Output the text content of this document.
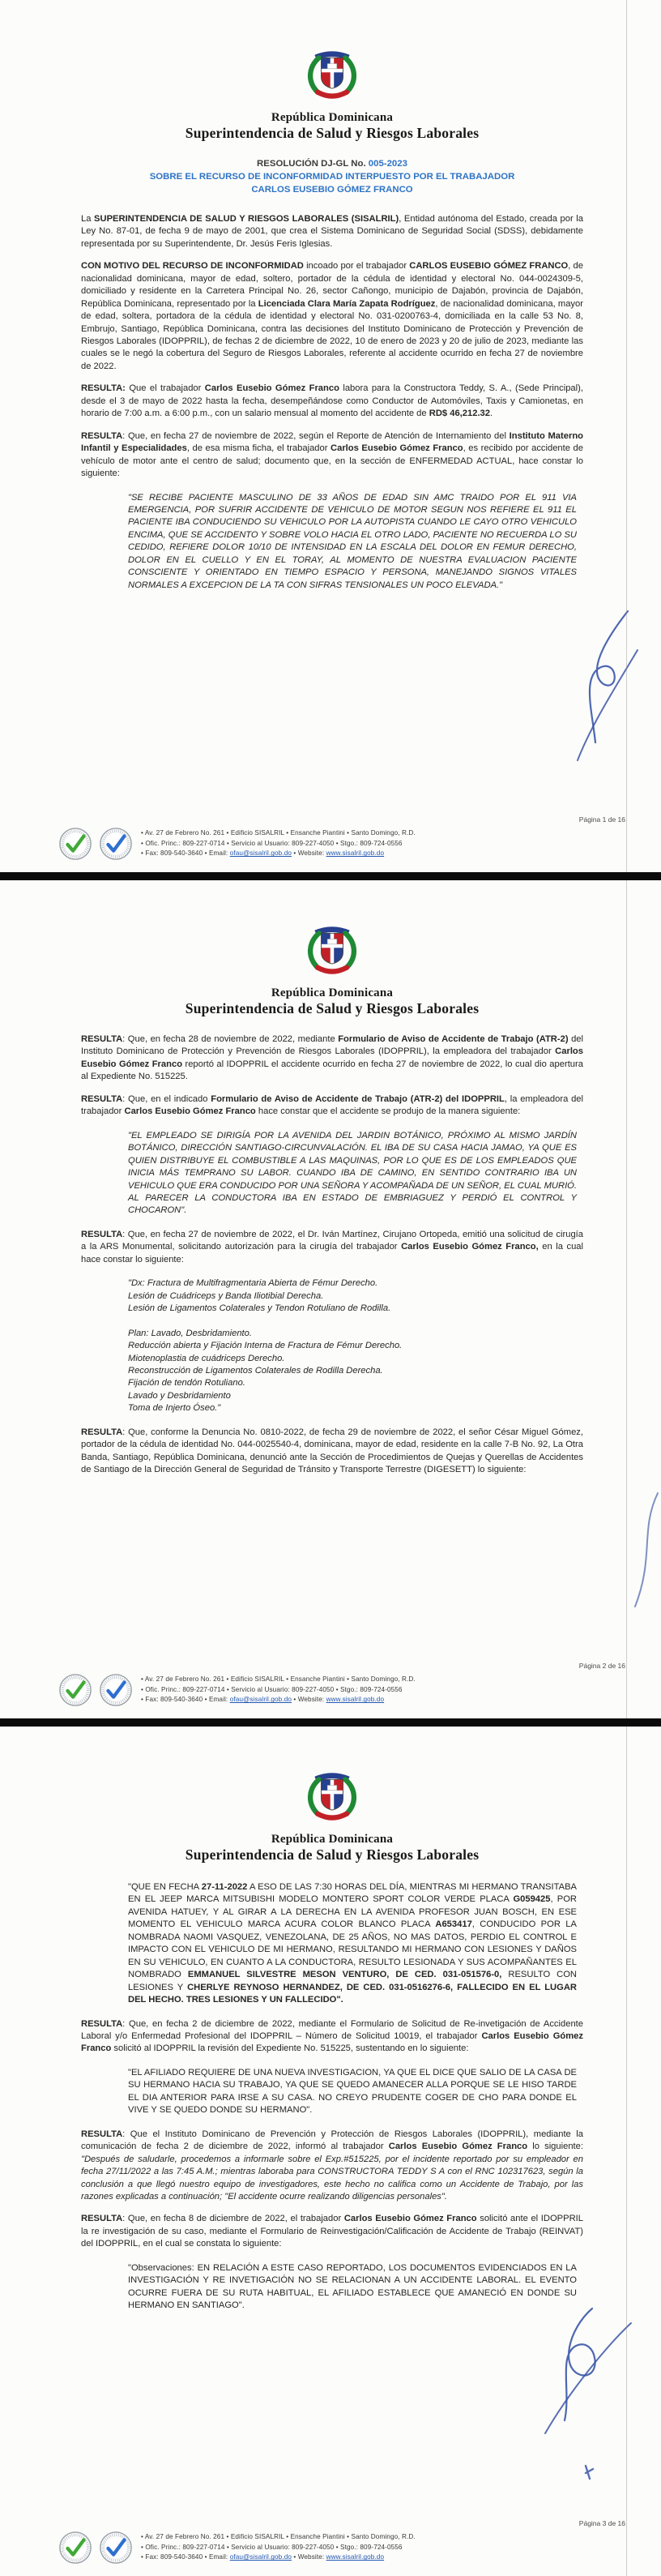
República Dominicana
Superintendencia de Salud y Riesgos Laborales
RESOLUCIÓN DJ-GL No. 005-2023
SOBRE EL RECURSO DE INCONFORMIDAD INTERPUESTO POR EL TRABAJADOR
CARLOS EUSEBIO GÓMEZ FRANCO
La SUPERINTENDENCIA DE SALUD Y RIESGOS LABORALES (SISALRIL), Entidad autónoma del Estado, creada por la Ley No. 87-01, de fecha 9 de mayo de 2001, que crea el Sistema Dominicano de Seguridad Social (SDSS), debidamente representada por su Superintendente, Dr. Jesús Feris Iglesias.
CON MOTIVO DEL RECURSO DE INCONFORMIDAD incoado por el trabajador CARLOS EUSEBIO GÓMEZ FRANCO, de nacionalidad dominicana, mayor de edad, soltero, portador de la cédula de identidad y electoral No. 044-0024309-5, domiciliado y residente en la Carretera Principal No. 26, sector Cañongo, municipio de Dajabón, provincia de Dajabón, República Dominicana, representado por la Licenciada Clara María Zapata Rodríguez, de nacionalidad dominicana, mayor de edad, soltera, portadora de la cédula de identidad y electoral No. 031-0200763-4, domiciliada en la calle 53 No. 8, Embrujo, Santiago, República Dominicana, contra las decisiones del Instituto Dominicano de Protección y Prevención de Riesgos Laborales (IDOPPRIL), de fechas 2 de diciembre de 2022, 10 de enero de 2023 y 20 de julio de 2023, mediante las cuales se le negó la cobertura del Seguro de Riesgos Laborales, referente al accidente ocurrido en fecha 27 de noviembre de 2022.
RESULTA: Que el trabajador Carlos Eusebio Gómez Franco labora para la Constructora Teddy, S. A., (Sede Principal), desde el 3 de mayo de 2022 hasta la fecha, desempeñándose como Conductor de Automóviles, Taxis y Camionetas, en horario de 7:00 a.m. a 6:00 p.m., con un salario mensual al momento del accidente de RD$ 46,212.32.
RESULTA: Que, en fecha 27 de noviembre de 2022, según el Reporte de Atención de Internamiento del Instituto Materno Infantil y Especialidades, de esa misma ficha, el trabajador Carlos Eusebio Gómez Franco, es recibido por accidente de vehículo de motor ante el centro de salud; documento que, en la sección de ENFERMEDAD ACTUAL, hace constar lo siguiente:
"SE RECIBE PACIENTE MASCULINO DE 33 AÑOS DE EDAD SIN AMC TRAIDO POR EL 911 VIA EMERGENCIA, POR SUFRIR ACCIDENTE DE VEHICULO DE MOTOR SEGUN NOS REFIERE EL 911 EL PACIENTE IBA CONDUCIENDO SU VEHICULO POR LA AUTOPISTA CUANDO LE CAYO OTRO VEHICULO ENCIMA, QUE SE ACCIDENTO Y SOBRE VOLO HACIA EL OTRO LADO, PACIENTE NO RECUERDA LO SU CEDIDO, REFIERE DOLOR 10/10 DE INTENSIDAD EN LA ESCALA DEL DOLOR EN FEMUR DERECHO, DOLOR EN EL CUELLO Y EN EL TORAY, AL MOMENTO DE NUESTRA EVALUACION PACIENTE CONSCIENTE Y ORIENTADO EN TIEMPO ESPACIO Y PERSONA, MANEJANDO SIGNOS VITALES NORMALES A EXCEPCION DE LA TA CON SIFRAS TENSIONALES UN POCO ELEVADA."
Página 1 de 16
• Av. 27 de Febrero No. 261 • Edificio SISALRIL • Ensanche Piantini • Santo Domingo, R.D.
• Ofic. Princ.: 809-227-0714 • Servicio al Usuario: 809-227-4050 • Stgo.: 809-724-0556
• Fax: 809-540-3640 • Email: ofau@sisalril.gob.do • Website: www.sisalril.gob.do
República Dominicana
Superintendencia de Salud y Riesgos Laborales
RESULTA: Que, en fecha 28 de noviembre de 2022, mediante Formulario de Aviso de Accidente de Trabajo (ATR-2) del Instituto Dominicano de Protección y Prevención de Riesgos Laborales (IDOPPRIL), la empleadora del trabajador Carlos Eusebio Gómez Franco reportó al IDOPPRIL el accidente ocurrido en fecha 27 de noviembre de 2022, lo cual dio apertura al Expediente No. 515225.
RESULTA: Que, en el indicado Formulario de Aviso de Accidente de Trabajo (ATR-2) del IDOPPRIL, la empleadora del trabajador Carlos Eusebio Gómez Franco hace constar que el accidente se produjo de la manera siguiente:
"EL EMPLEADO SE DIRIGÍA POR LA AVENIDA DEL JARDIN BOTÁNICO, PRÓXIMO AL MISMO JARDÍN BOTÁNICO, DIRECCIÓN SANTIAGO-CIRCUNVALACIÓN. EL IBA DE SU CASA HACIA JAMAO, YA QUE ES QUIEN DISTRIBUYE EL COMBUSTIBLE A LAS MAQUINAS, POR LO QUE ES DE LOS EMPLEADOS QUE INICIA MÁS TEMPRANO SU LABOR. CUANDO IBA DE CAMINO, EN SENTIDO CONTRARIO IBA UN VEHICULO QUE ERA CONDUCIDO POR UNA SEÑORA Y ACOMPAÑADA DE UN SEÑOR, EL CUAL MURIÓ. AL PARECER LA CONDUCTORA IBA EN ESTADO DE EMBRIAGUEZ Y PERDIÓ EL CONTROL Y CHOCARON".
RESULTA: Que, en fecha 27 de noviembre de 2022, el Dr. Iván Martínez, Cirujano Ortopeda, emitió una solicitud de cirugía a la ARS Monumental, solicitando autorización para la cirugía del trabajador Carlos Eusebio Gómez Franco, en la cual hace constar lo siguiente:
"Dx: Fractura de Multifragmentaria Abierta de Fémur Derecho.
Lesión de Cuádriceps y Banda Iliotibial Derecha.
Lesión de Ligamentos Colaterales y Tendon Rotuliano de Rodilla.
Plan: Lavado, Desbridamiento.
Reducción abierta y Fijación Interna de Fractura de Fémur Derecho.
Miotenoplastia de cuádriceps Derecho.
Reconstrucción de Ligamentos Colaterales de Rodilla Derecha.
Fijación de tendón Rotuliano.
Lavado y Desbridamiento
Toma de Injerto Óseo."
RESULTA: Que, conforme la Denuncia No. 0810-2022, de fecha 29 de noviembre de 2022, el señor César Miguel Gómez, portador de la cédula de identidad No. 044-0025540-4, dominicana, mayor de edad, residente en la calle 7-B No. 92, La Otra Banda, Santiago, República Dominicana, denunció ante la Sección de Procedimientos de Quejas y Querellas de Accidentes de Santiago de la Dirección General de Seguridad de Tránsito y Transporte Terrestre (DIGESETT) lo siguiente:
Página 2 de 16
• Av. 27 de Febrero No. 261 • Edificio SISALRIL • Ensanche Piantini • Santo Domingo, R.D.
• Ofic. Princ.: 809-227-0714 • Servicio al Usuario: 809-227-4050 • Stgo.: 809-724-0556
• Fax: 809-540-3640 • Email: ofau@sisalril.gob.do • Website: www.sisalril.gob.do
República Dominicana
Superintendencia de Salud y Riesgos Laborales
"QUE EN FECHA 27-11-2022 A ESO DE LAS 7:30 HORAS DEL DÍA, MIENTRAS MI HERMANO TRANSITABA EN EL JEEP MARCA MITSUBISHI MODELO MONTERO SPORT COLOR VERDE PLACA G059425, POR AVENIDA HATUEY, Y AL GIRAR A LA DERECHA EN LA AVENIDA PROFESOR JUAN BOSCH, EN ESE MOMENTO EL VEHICULO MARCA ACURA COLOR BLANCO PLACA A653417, CONDUCIDO POR LA NOMBRADA NAOMI VASQUEZ, VENEZOLANA, DE 25 AÑOS, NO MAS DATOS, PERDIO EL CONTROL E IMPACTO CON EL VEHICULO DE MI HERMANO, RESULTANDO MI HERMANO CON LESIONES Y DAÑOS EN SU VEHICULO, EN CUANTO A LA CONDUCTORA, RESULTO LESIONADA Y SUS ACOMPAÑANTES EL NOMBRADO EMMANUEL SILVESTRE MESON VENTURO, DE CED. 031-051576-0, RESULTO CON LESIONES Y CHERLYE REYNOSO HERNANDEZ, DE CED. 031-0516276-6, FALLECIDO EN EL LUGAR DEL HECHO. TRES LESIONES Y UN FALLECIDO".
RESULTA: Que, en fecha 2 de diciembre de 2022, mediante el Formulario de Solicitud de Re-invetigación de Accidente Laboral y/o Enfermedad Profesional del IDOPPRIL – Número de Solicitud 10019, el trabajador Carlos Eusebio Gómez Franco solicitó al IDOPPRIL la revisión del Expediente No. 515225, sustentando en lo siguiente:
"EL AFILIADO REQUIERE DE UNA NUEVA INVESTIGACION, YA QUE EL DICE QUE SALIO DE LA CASA DE SU HERMANO HACIA SU TRABAJO, YA QUE SE QUEDO AMANECER ALLA PORQUE SE LE HISO TARDE EL DIA ANTERIOR PARA IRSE A SU CASA. NO CREYO PRUDENTE COGER DE CHO PARA DONDE EL VIVE Y SE QUEDO DONDE SU HERMANO".
RESULTA: Que el Instituto Dominicano de Prevención y Protección de Riesgos Laborales (IDOPPRIL), mediante la comunicación de fecha 2 de diciembre de 2022, informó al trabajador Carlos Eusebio Gómez Franco lo siguiente: "Después de saludarle, procedemos a informarle sobre el Exp.#515225, por el incidente reportado por su empleador en fecha 27/11/2022 a las 7:45 A.M.; mientras laboraba para CONSTRUCTORA TEDDY S A con el RNC 102317623, según la conclusión a que llegó nuestro equipo de investigadores, este hecho no califica como un Accidente de Trabajo, por las razones explicadas a continuación; "El accidente ocurre realizando diligencias personales".
RESULTA: Que, en fecha 8 de diciembre de 2022, el trabajador Carlos Eusebio Gómez Franco solicitó ante el IDOPPRIL la re investigación de su caso, mediante el Formulario de Reinvestigación/Calificación de Accidente de Trabajo (REINVAT) del IDOPPRIL, en el cual se constata lo siguiente:
"Observaciones: EN RELACIÓN A ESTE CASO REPORTADO, LOS DOCUMENTOS EVIDENCIADOS EN LA INVESTIGACIÓN Y RE INVETIGACIÓN NO SE RELACIONAN A UN ACCIDENTE LABORAL. EL EVENTO OCURRE FUERA DE SU RUTA HABITUAL, EL AFILIADO ESTABLECE QUE AMANECIÓ EN DONDE SU HERMANO EN SANTIAGO".
Página 3 de 16
• Av. 27 de Febrero No. 261 • Edificio SISALRIL • Ensanche Piantini • Santo Domingo, R.D.
• Ofic. Princ.: 809-227-0714 • Servicio al Usuario: 809-227-4050 • Stgo.: 809-724-0556
• Fax: 809-540-3640 • Email: ofau@sisalril.gob.do • Website: www.sisalril.gob.do
